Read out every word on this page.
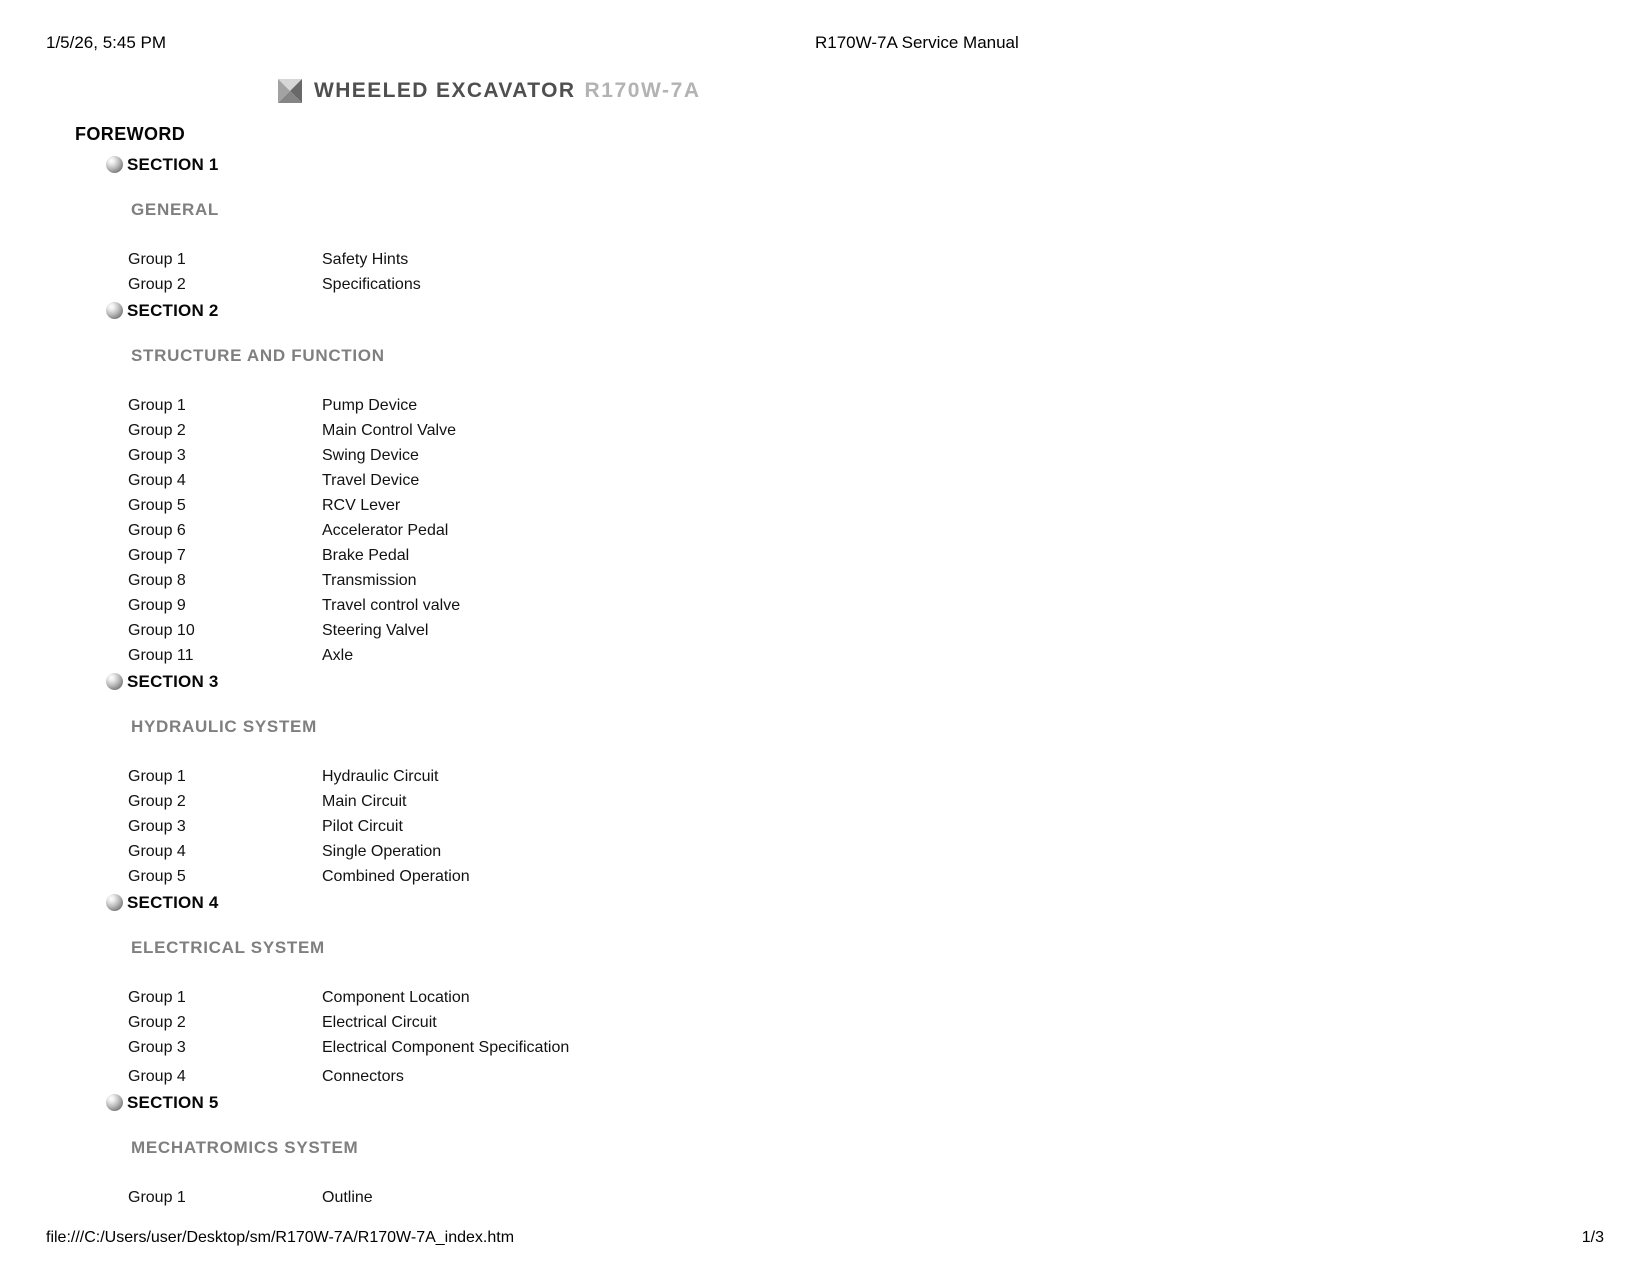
1/5/26, 5:45 PM	R170W-7A Service Manual
WHEELED EXCAVATOR R170W-7A
FOREWORD
SECTION 1
GENERAL
Group 1	Safety Hints
Group 2	Specifications
SECTION 2
STRUCTURE AND FUNCTION
Group 1	Pump Device
Group 2	Main Control Valve
Group 3	Swing Device
Group 4	Travel Device
Group 5	RCV Lever
Group 6	Accelerator Pedal
Group 7	Brake Pedal
Group 8	Transmission
Group 9	Travel control valve
Group 10	Steering Valvel
Group 11	Axle
SECTION 3
HYDRAULIC SYSTEM
Group 1	Hydraulic Circuit
Group 2	Main Circuit
Group 3	Pilot Circuit
Group 4	Single Operation
Group 5	Combined Operation
SECTION 4
ELECTRICAL SYSTEM
Group 1	Component Location
Group 2	Electrical Circuit
Group 3	Electrical Component Specification
Group 4	Connectors
SECTION 5
MECHATROMICS SYSTEM
Group 1	Outline
file:///C:/Users/user/Desktop/sm/R170W-7A/R170W-7A_index.htm	1/3
